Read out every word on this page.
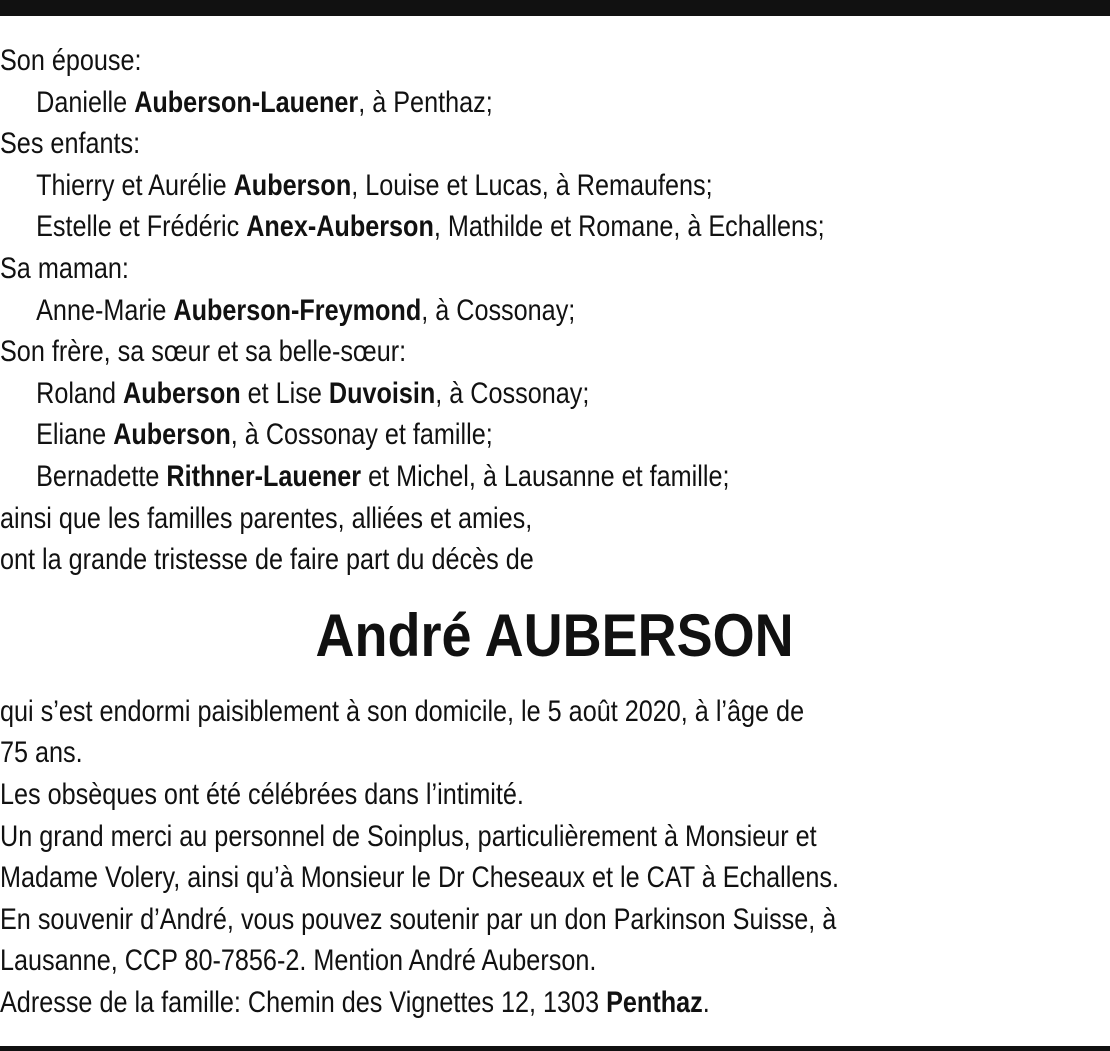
Son épouse:
Danielle Auberson-Lauener, à Penthaz;
Ses enfants:
Thierry et Aurélie Auberson, Louise et Lucas, à Remaufens;
Estelle et Frédéric Anex-Auberson, Mathilde et Romane, à Echallens;
Sa maman:
Anne-Marie Auberson-Freymond, à Cossonay;
Son frère, sa sœur et sa belle-sœur:
Roland Auberson et Lise Duvoisin, à Cossonay;
Eliane Auberson, à Cossonay et famille;
Bernadette Rithner-Lauener et Michel, à Lausanne et famille;
ainsi que les familles parentes, alliées et amies,
ont la grande tristesse de faire part du décès de
André AUBERSON
qui s’est endormi paisiblement à son domicile, le 5 août 2020, à l’âge de
75 ans.
Les obsèques ont été célébrées dans l’intimité.
Un grand merci au personnel de Soinplus, particulièrement à Monsieur et
Madame Volery, ainsi qu’à Monsieur le Dr Cheseaux et le CAT à Echallens.
En souvenir d’André, vous pouvez soutenir par un don Parkinson Suisse, à
Lausanne, CCP 80-7856-2. Mention André Auberson.
Adresse de la famille: Chemin des Vignettes 12, 1303 Penthaz.
